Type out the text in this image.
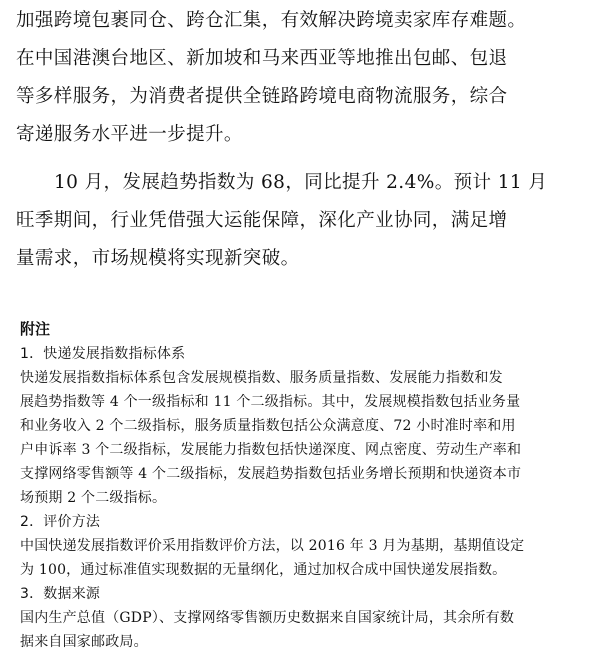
加强跨境包裹同仓、跨仓汇集，有效解决跨境卖家库存难题。
在中国港澳台地区、新加坡和马来西亚等地推出包邮、包退
等多样服务，为消费者提供全链路跨境电商物流服务，综合
寄递服务水平进一步提升。
10 月，发展趋势指数为 68，同比提升 2.4%。预计 11 月
旺季期间，行业凭借强大运能保障，深化产业协同，满足增
量需求，市场规模将实现新突破。
附注
1．快递发展指数指标体系
快递发展指数指标体系包含发展规模指数、服务质量指数、发展能力指数和发
展趋势指数等 4 个一级指标和 11 个二级指标。其中，发展规模指数包括业务量
和业务收入 2 个二级指标，服务质量指数包括公众满意度、72 小时准时率和用
户申诉率 3 个二级指标，发展能力指数包括快递深度、网点密度、劳动生产率和
支撑网络零售额等 4 个二级指标，发展趋势指数包括业务增长预期和快递资本市
场预期 2 个二级指标。
2．评价方法
中国快递发展指数评价采用指数评价方法，以 2016 年 3 月为基期，基期值设定
为 100，通过标准值实现数据的无量纲化，通过加权合成中国快递发展指数。
3．数据来源
国内生产总值（GDP）、支撑网络零售额历史数据来自国家统计局，其余所有数
据来自国家邮政局。
